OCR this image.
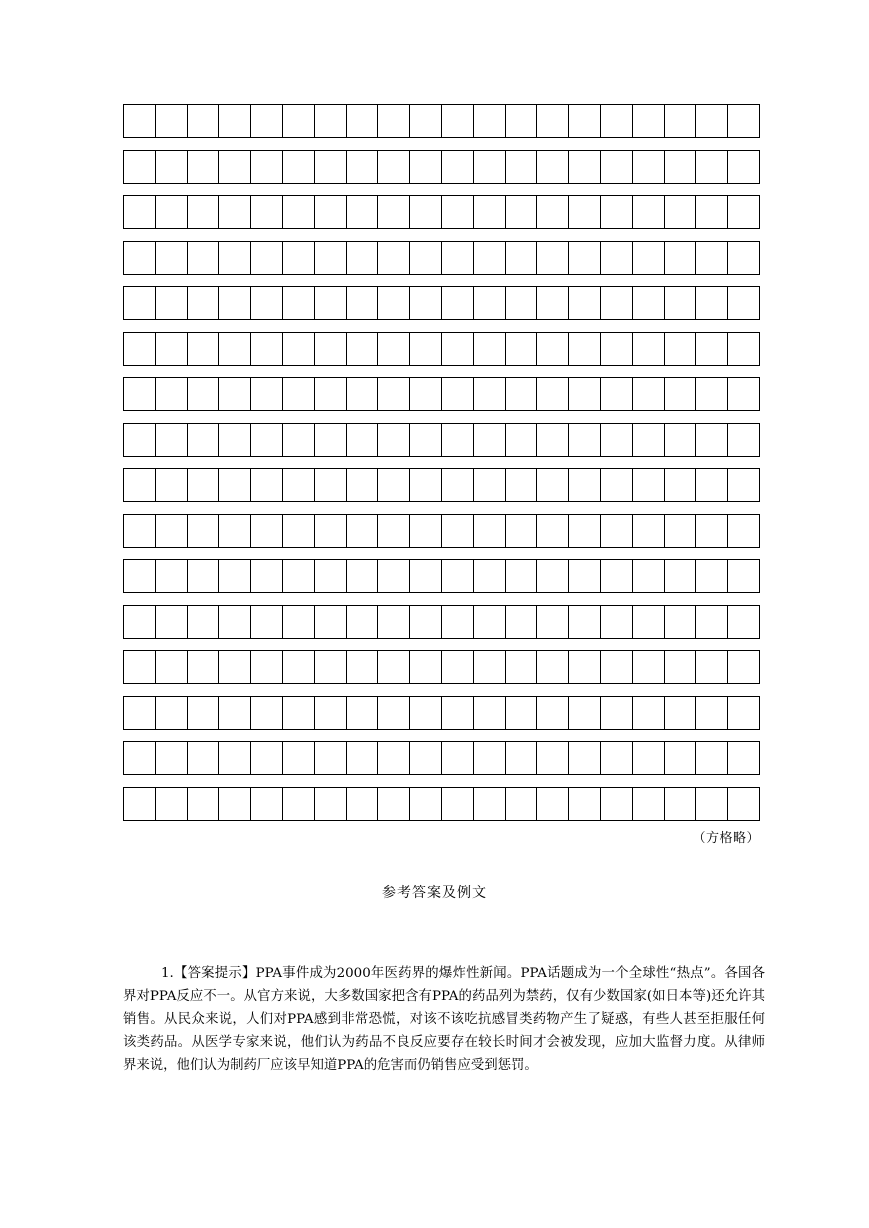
（方格略）
参考答案及例文

1.【答案提示】PPA事件成为2000年医药界的爆炸性新闻。PPA话题成为一个全球性“热点”。各国各界对PPA反应不一。从官方来说，大多数国家把含有PPA的药品列为禁药，仅有少数国家(如日本等)还允许其销售。从民众来说，人们对PPA感到非常恐慌，对该不该吃抗感冒类药物产生了疑惑，有些人甚至拒服任何该类药品。从医学专家来说，他们认为药品不良反应要存在较长时间才会被发现，应加大监督力度。从律师界来说，他们认为制药厂应该早知道PPA的危害而仍销售应受到惩罚。
